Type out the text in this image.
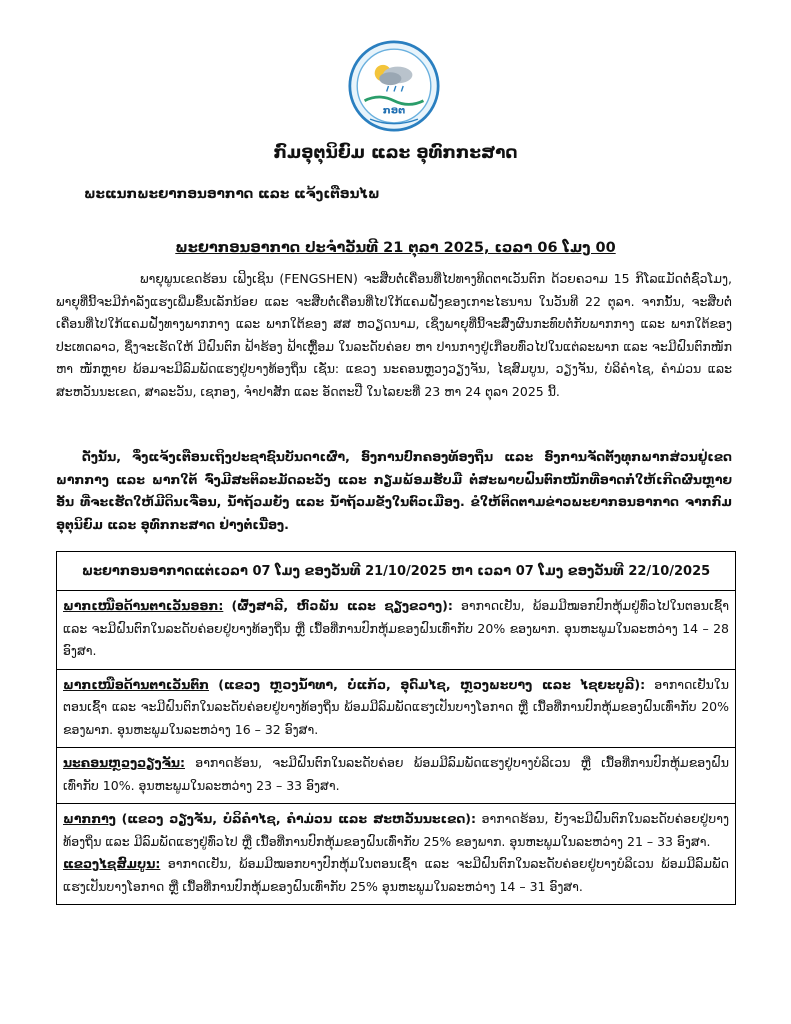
ກອຕ
ກົມອຸຕຸນິຍົມ ແລະ ອຸທົກກະສາດ
ພະແນກພະຍາກອນອາກາດ ແລະ ແຈ້ງເຕືອນໄພ
ພະຍາກອນອາກາດ ປະຈໍາວັນທີ 21 ຕຸລາ 2025, ເວລາ 06 ໂມງ 00
ພາຍຸພູນເຂດຮ້ອນ ເຟິງເຊິນ (FENGSHEN) ຈະສືບຕໍ່ເຄື່ອນທີ່ໄປທາງທິດຕາເວັນຕົກ ດ້ວຍຄວາມ 15 ກິໂລແມັດຕໍ່ຊົ່ວໂມງ, ພາຍຸທີ່ນີ້ຈະມີກໍາລັງແຮງເພີ່ມຂຶ້ນເລັກນ້ອຍ ແລະ ຈະສືບຕໍ່ເຄື່ອນທີ່ໄປໃກ້ແຄມຝັ່ງຂອງເກາະໄຮນານ ໃນວັນທີ 22 ຕຸລາ. ຈາກນັ້ນ, ຈະສືບຕໍ່ເຄື່ອນທີ່ໄປໃກ້ແຄມຝັ່ງທາງພາກກາງ ແລະ ພາກໃຕ້ຂອງ ສສ ຫວຽດນາມ, ເຊິ່ງພາຍຸທີ່ນີ້ຈະສົ່ງຜົນກະທົບຕໍ່ກັບພາກກາງ ແລະ ພາກໃຕ້ຂອງປະເທດລາວ, ຊຶ່ງຈະເຮັດໃຫ້ ມີຝົນຕົກ ຟ້າຮ້ອງ ຟ້າເຫຼື້ອມ ໃນລະດັບຄ່ອຍ ຫາ ປານກາງຢູ່ເກືອບທົ່ວໄປໃນແຕ່ລະພາກ ແລະ ຈະມີຝົນຕົກໜັກ ຫາ ໜັກຫຼາຍ ພ້ອມຈະມີລົມພັດແຮງຢູ່ບາງທ້ອງຖິ່ນ ເຊັ່ນ: ແຂວງ ນະຄອນຫຼວງວຽງຈັນ, ໄຊສົມບູນ, ວຽງຈັນ, ບໍລິຄໍາໄຊ, ຄໍາມ່ວນ ແລະ ສະຫວັນນະເຂດ, ສາລະວັນ, ເຊກອງ, ຈໍາປາສັກ ແລະ ອັດຕະປື ໃນໄລຍະທີ່ 23 ຫາ 24 ຕຸລາ 2025 ນີ້.
ດັ່ງນັ້ນ, ຈຶ່ງແຈ້ງເຕືອນເຖິງປະຊາຊົນບັນດາເຜົ່າ, ອົງການປົກຄອງທ້ອງຖິ່ນ ແລະ ອົງການຈັດຕັ້ງທຸກພາກສ່ວນຢູ່ເຂດພາກກາງ ແລະ ພາກໃຕ້ ຈົ່ງມີສະຕິລະມັດລະວັງ ແລະ ກຽມພ້ອມຮັບມື ຕໍ່ສະພາບຝົນຕົກໜັກທີ່ອາດກໍ່ໃຫ້ເກີດຜົນຫຼາຍອັນ ທີ່ຈະເຮັດໃຫ້ມີດິນເຈື່ອນ, ນໍ້າຖ້ວມຍັງ ແລະ ນໍ້າຖ້ວມຂັງໃນຕົວເມືອງ. ຂໍໃຫ້ຕິດຕາມຂ່າວພະຍາກອນອາກາດ ຈາກກົມອຸຕຸນິຍົມ ແລະ ອຸທົກກະສາດ ຢ່າງຕໍ່ເນື່ອງ.
ພະຍາກອນອາກາດແຕ່ເວລາ 07 ໂມງ ຂອງວັນທີ 21/10/2025 ຫາ ເວລາ 07 ໂມງ ຂອງວັນທີ 22/10/2025
ພາກເໜືອດ້ານຕາເວັນອອກ: (ຜົ້ງສາລີ, ຫົວພັນ ແລະ ຊຽງຂວາງ): ອາກາດເຢັນ, ພ້ອມມີໝອກປົກຫຸ້ມຢູ່ທົ່ວໄປໃນຕອນເຊົ້າ ແລະ ຈະມີຝົນຕົກໃນລະດັບຄ່ອຍຢູ່ບາງທ້ອງຖິ່ນ ຫຼື ເນື້ອທີ່ການປົກຫຸ້ມຂອງຝົນເທົ່າກັບ 20% ຂອງພາກ. ອຸນຫະພູມໃນລະຫວ່າງ 14 – 28 ອົງສາ.
ພາກເໜືອດ້ານຕາເວັນຕົກ (ແຂວງ ຫຼວງນໍ້າທາ, ບໍ່ແກ້ວ, ອຸດົມໄຊ, ຫຼວງພະບາງ ແລະ ໄຊຍະບູລີ): ອາກາດເຢັນໃນຕອນເຊົ້າ ແລະ ຈະມີຝົນຕົກໃນລະດັບຄ່ອຍຢູ່ບາງທ້ອງຖິ່ນ ພ້ອມມີລົມພັດແຮງເປັນບາງໂອກາດ ຫຼື ເນື້ອທີ່ການປົກຫຸ້ມຂອງຝົນເທົ່າກັບ 20% ຂອງພາກ. ອຸນຫະພູມໃນລະຫວ່າງ 16 – 32 ອົງສາ.
ນະຄອນຫຼວງວຽງຈັນ: ອາກາດຮ້ອນ, ຈະມີຝົນຕົກໃນລະດັບຄ່ອຍ ພ້ອມມີລົມພັດແຮງຢູ່ບາງບໍລິເວນ ຫຼື ເນື້ອທີ່ການປົກຫຸ້ມຂອງຝົນເທົ່າກັບ 10%. ອຸນຫະພູມໃນລະຫວ່າງ 23 – 33 ອົງສາ.
ພາກກາງ (ແຂວງ ວຽງຈັນ, ບໍລິຄໍາໄຊ, ຄໍາມ່ວນ ແລະ ສະຫວັນນະເຂດ): ອາກາດຮ້ອນ, ຍັງຈະມີຝົນຕົກໃນລະດັບຄ່ອຍຢູ່ບາງທ້ອງຖິ່ນ ແລະ ມີລົມພັດແຮງຢູ່ທົ່ວໄປ ຫຼື ເນື້ອທີ່ການປົກຫຸ້ມຂອງຝົນເທົ່າກັບ 25% ຂອງພາກ. ອຸນຫະພູມໃນລະຫວ່າງ 21 – 33 ອົງສາ.
ແຂວງໄຊສົມບູນ: ອາກາດເຢັນ, ພ້ອມມີໝອກບາງປົກຫຸ້ມໃນຕອນເຊົ້າ ແລະ ຈະມີຝົນຕົກໃນລະດັບຄ່ອຍຢູ່ບາງບໍລິເວນ ພ້ອມມີລົມພັດແຮງເປັນບາງໂອກາດ ຫຼື ເນື້ອທີ່ການປົກຫຸ້ມຂອງຝົນເທົ່າກັບ 25% ອຸນຫະພູມໃນລະຫວ່າງ 14 – 31 ອົງສາ.
